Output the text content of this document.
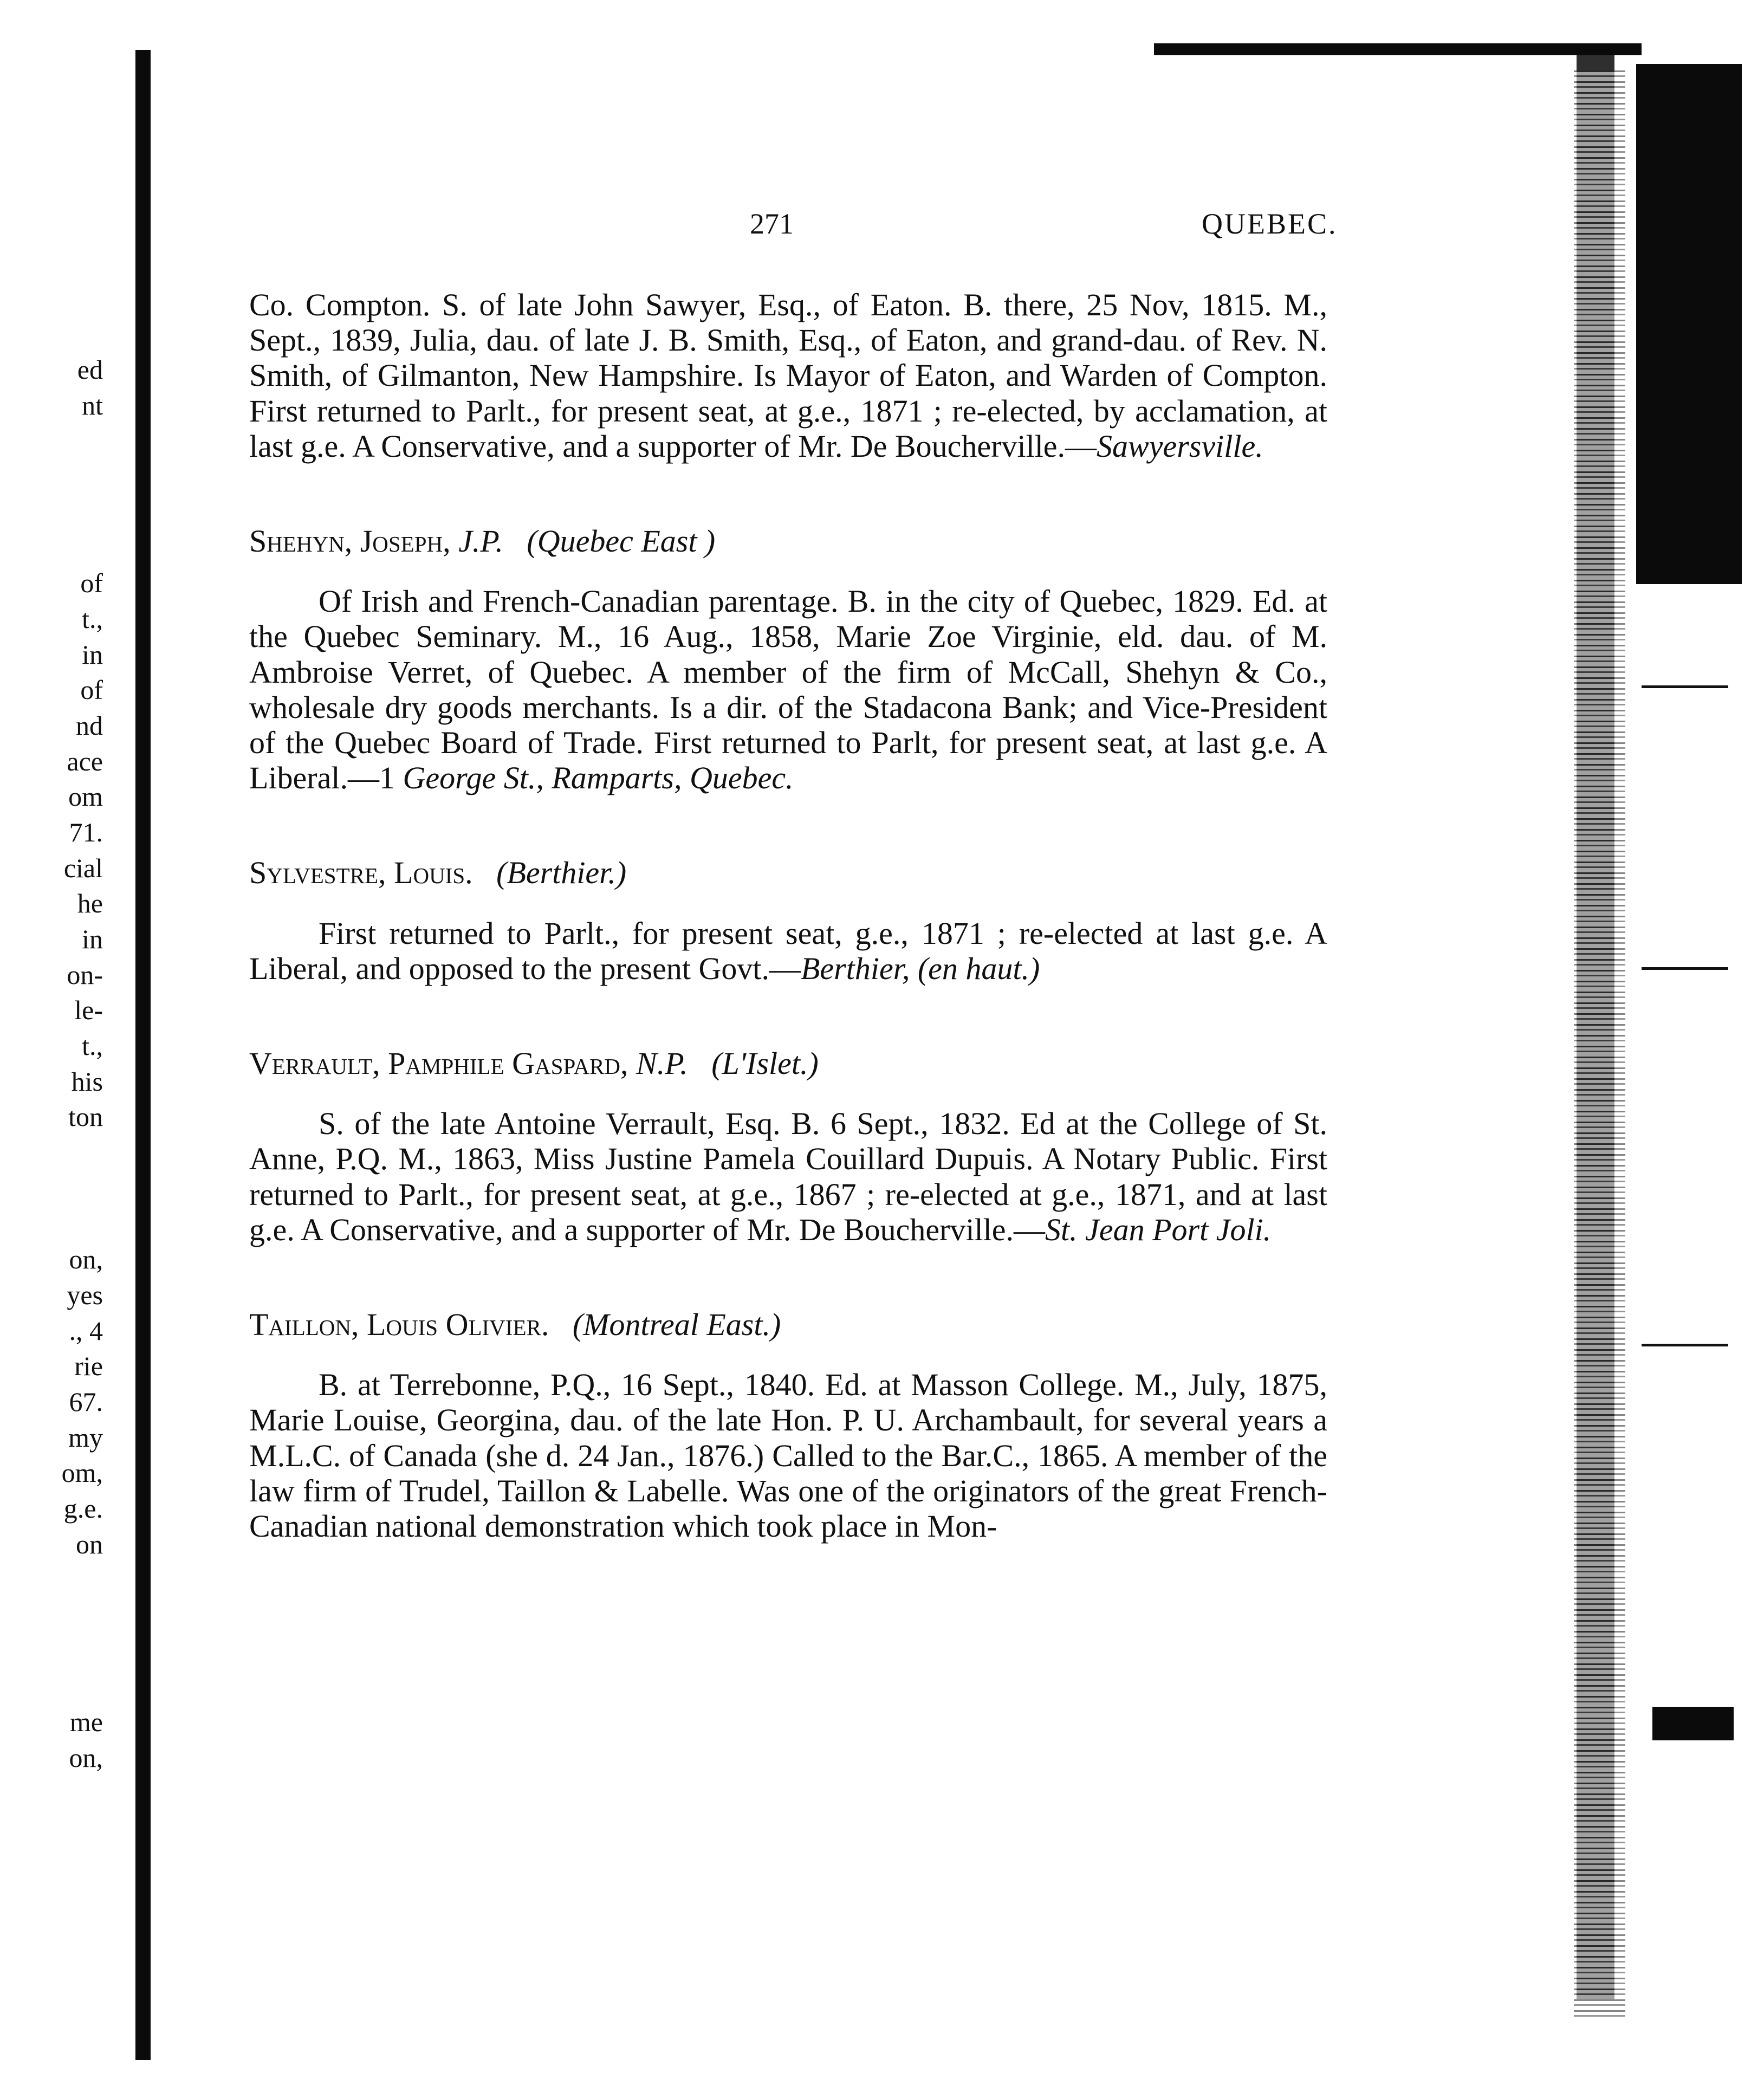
ed
nt
of
t.,
in
of
nd
ace
om
71.
cial
he
in
on-
le-
t.,
his
ton
on,
yes
., 4
rie
67.
my
om,
g.e.
on
me
on,
271	QUEBEC.

Co. Compton. S. of late John Sawyer, Esq., of Eaton. B. there, 25 Nov, 1815. M., Sept., 1839, Julia, dau. of late J. B. Smith, Esq., of Eaton, and grand-dau. of Rev. N. Smith, of Gilmanton, New Hampshire. Is Mayor of Eaton, and Warden of Compton. First returned to Parlt., for present seat, at g.e., 1871 ; re-elected, by acclamation, at last g.e. A Conservative, and a supporter of Mr. De Boucherville.—Sawyersville.

Shehyn, Joseph, J.P. (Quebec East )

Of Irish and French-Canadian parentage. B. in the city of Quebec, 1829. Ed. at the Quebec Seminary. M., 16 Aug., 1858, Marie Zoe Virginie, eld. dau. of M. Ambroise Verret, of Quebec. A member of the firm of McCall, Shehyn & Co., wholesale dry goods merchants. Is a dir. of the Stadacona Bank; and Vice-President of the Quebec Board of Trade. First returned to Parlt, for present seat, at last g.e. A Liberal.—1 George St., Ramparts, Quebec.

Sylvestre, Louis. (Berthier.)

First returned to Parlt., for present seat, g.e., 1871 ; re-elected at last g.e. A Liberal, and opposed to the present Govt.—Berthier, (en haut.)

Verrault, Pamphile Gaspard, N.P. (L'Islet.)

S. of the late Antoine Verrault, Esq. B. 6 Sept., 1832. Ed at the College of St. Anne, P.Q. M., 1863, Miss Justine Pamela Couillard Dupuis. A Notary Public. First returned to Parlt., for present seat, at g.e., 1867 ; re-elected at g.e., 1871, and at last g.e. A Conservative, and a supporter of Mr. De Boucherville.—St. Jean Port Joli.

Taillon, Louis Olivier. (Montreal East.)

B. at Terrebonne, P.Q., 16 Sept., 1840. Ed. at Masson College. M., July, 1875, Marie Louise, Georgina, dau. of the late Hon. P. U. Archambault, for several years a M.L.C. of Canada (she d. 24 Jan., 1876.) Called to the Bar.C., 1865. A member of the law firm of Trudel, Taillon & Labelle. Was one of the originators of the great French-Canadian national demonstration which took place in Mon-
